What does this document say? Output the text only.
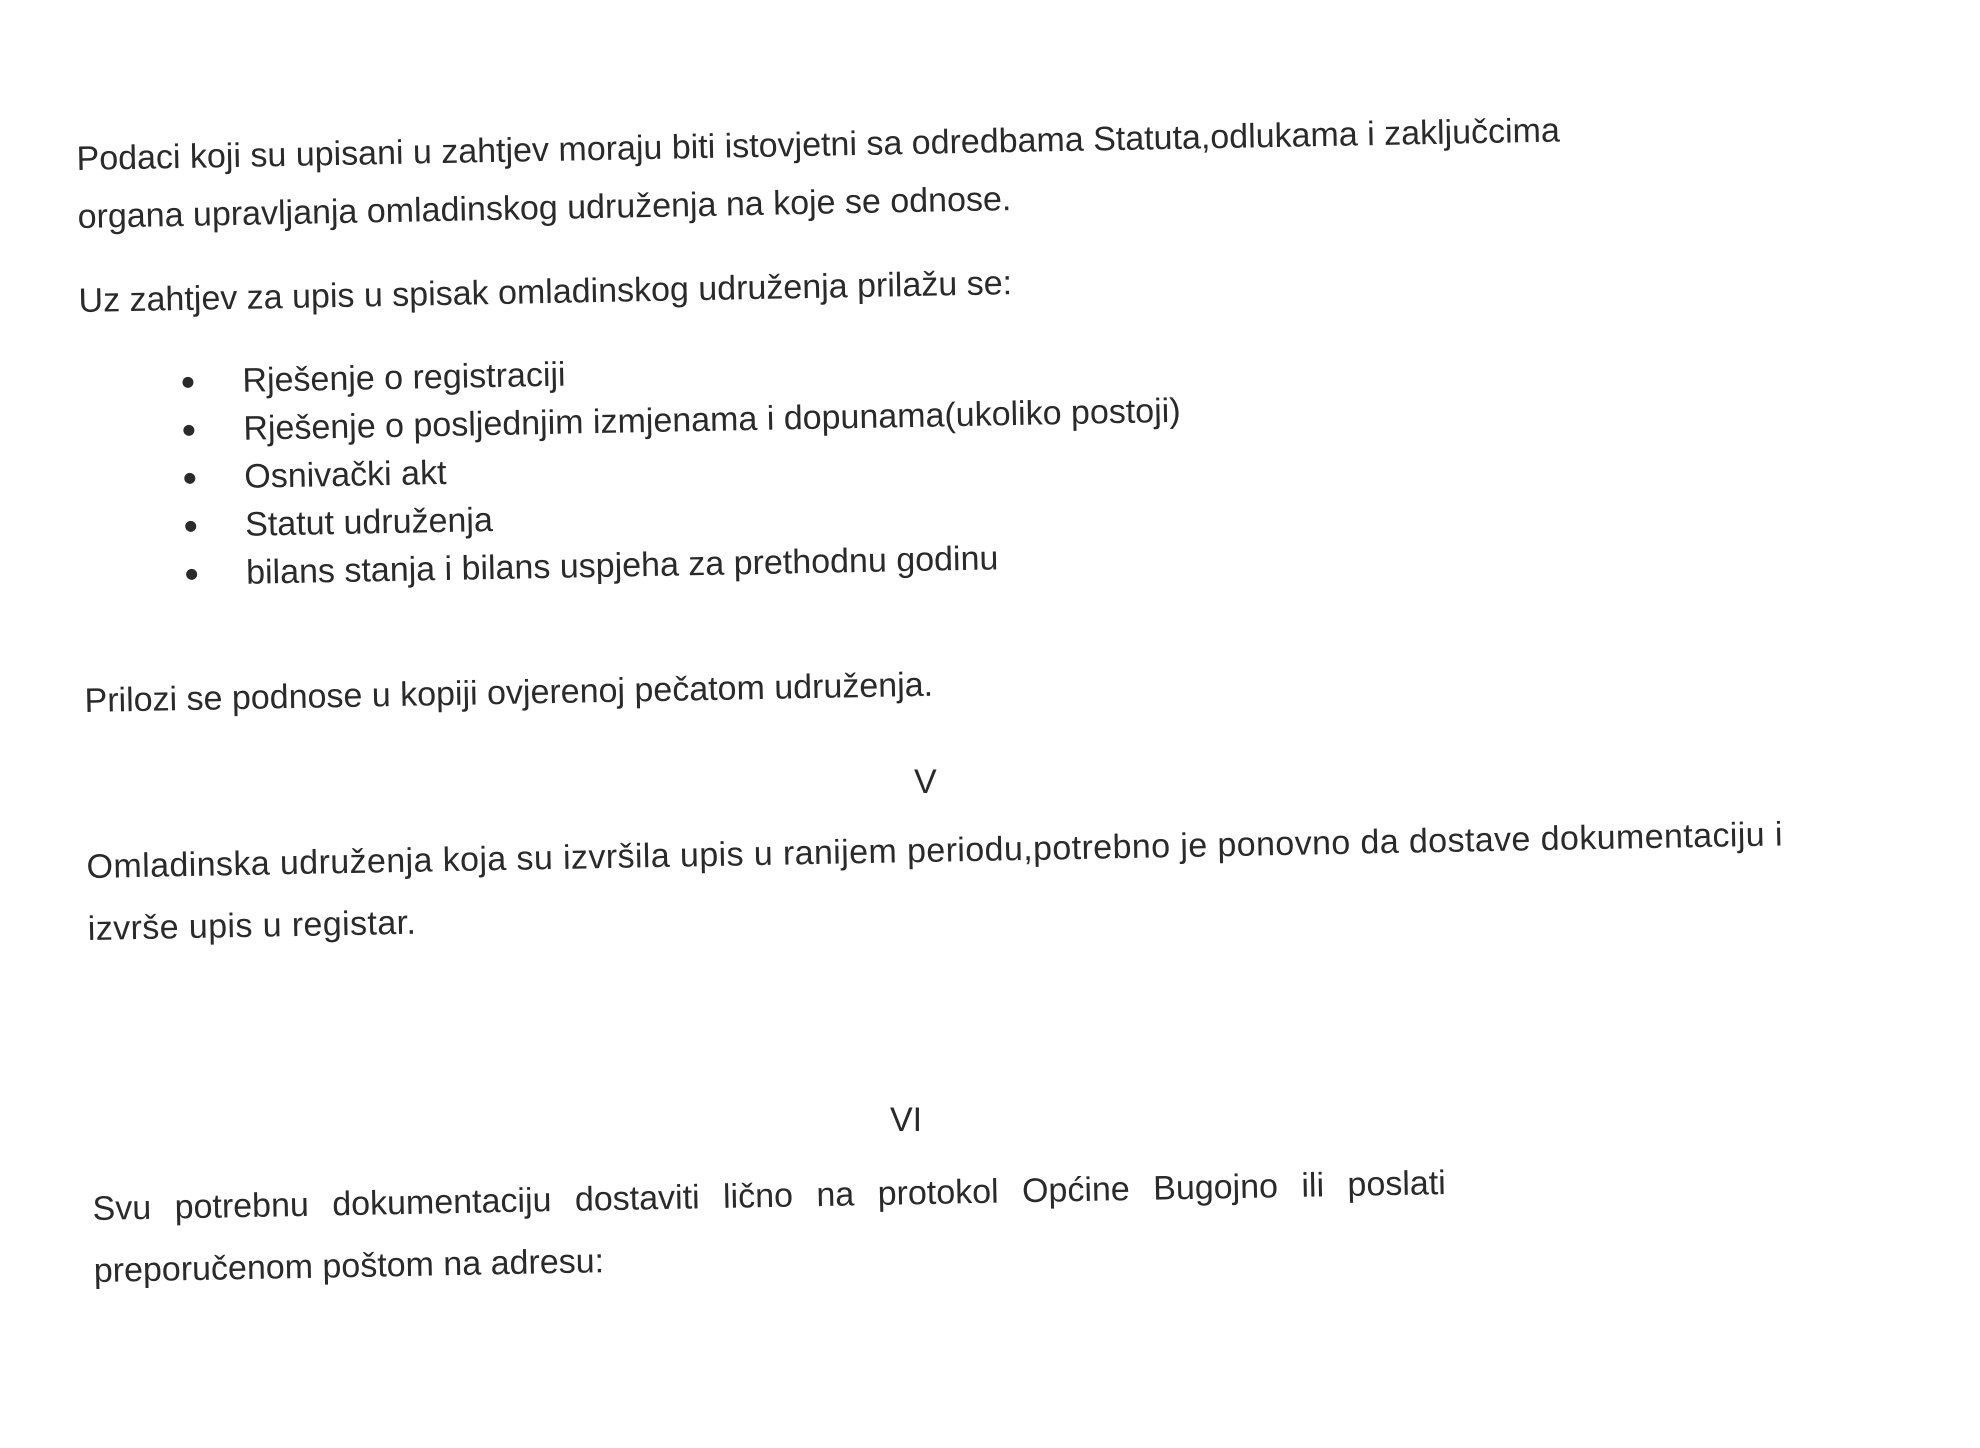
Podaci koji su upisani u zahtjev moraju biti istovjetni sa odredbama Statuta,odlukama i zaključcima
organa upravljanja omladinskog udruženja na koje se odnose.

Uz zahtjev za upis u spisak omladinskog udruženja prilažu se:

Rješenje o registraciji
Rješenje o posljednjim izmjenama i dopunama(ukoliko postoji)
Osnivački akt
Statut udruženja
bilans stanja i bilans uspjeha za prethodnu godinu

Prilozi se podnose u kopiji ovjerenoj pečatom udruženja.

V

Omladinska udruženja koja su izvršila upis u ranijem periodu,potrebno je ponovno da dostave dokumentaciju i
izvrše upis u registar.

VI

Svu potrebnu dokumentaciju dostaviti lično na protokol Općine Bugojno ili poslati
preporučenom poštom na adresu:
